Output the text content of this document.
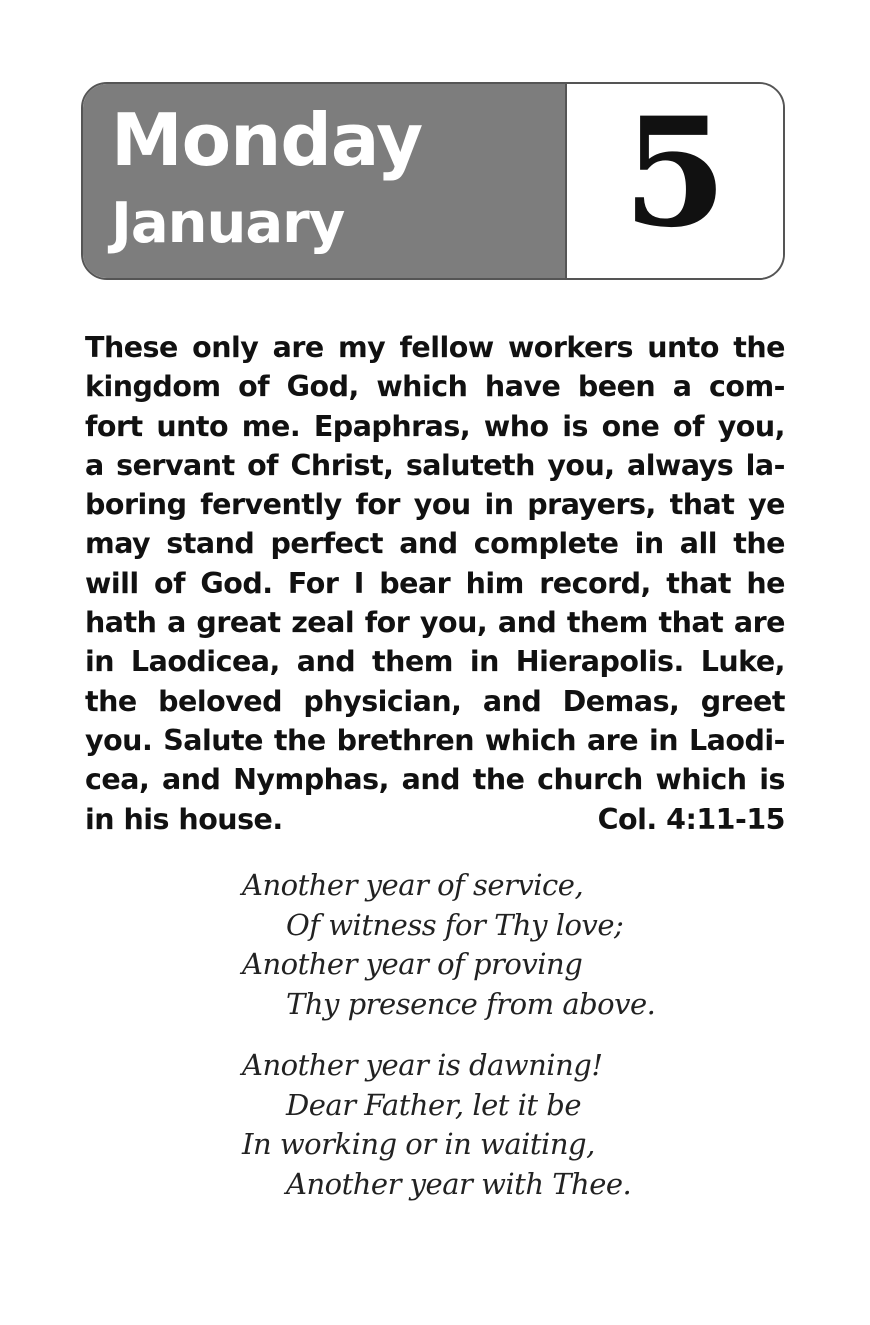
Monday
January	5
These only are my fellow workers unto the
kingdom of God, which have been a com-
fort unto me. Epaphras, who is one of you,
a servant of Christ, saluteth you, always la-
boring fervently for you in prayers, that ye
may stand perfect and complete in all the
will of God. For I bear him record, that he
hath a great zeal for you, and them that are
in Laodicea, and them in Hierapolis. Luke,
the beloved physician, and Demas, greet
you. Salute the brethren which are in Laodi-
cea, and Nymphas, and the church which is
in his house.	Col. 4:11-15
Another year of service,
Of witness for Thy love;
Another year of proving
Thy presence from above.
Another year is dawning!
Dear Father, let it be
In working or in waiting,
Another year with Thee.
